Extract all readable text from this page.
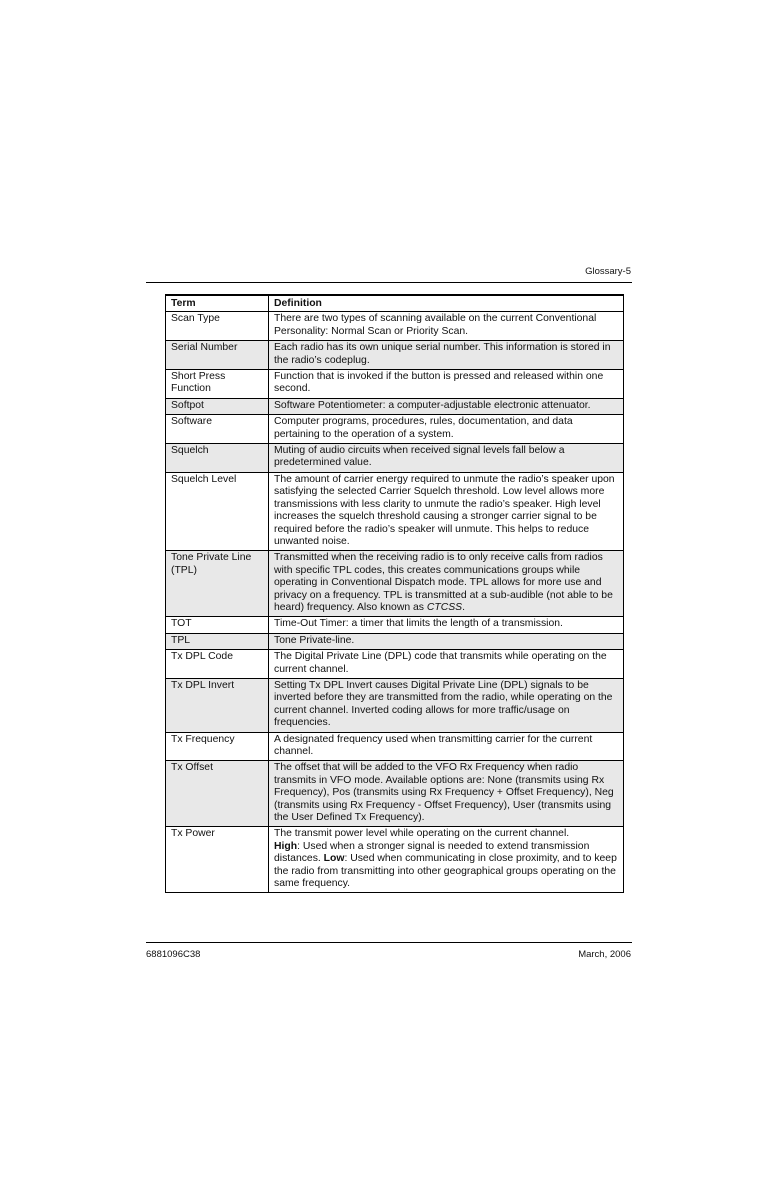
Glossary-5
Term	Definition
Scan Type	There are two types of scanning available on the current Conventional Personality: Normal Scan or Priority Scan.
Serial Number	Each radio has its own unique serial number. This information is stored in the radio’s codeplug.
Short Press Function	Function that is invoked if the button is pressed and released within one second.
Softpot	Software Potentiometer: a computer-adjustable electronic attenuator.
Software	Computer programs, procedures, rules, documentation, and data pertaining to the operation of a system.
Squelch	Muting of audio circuits when received signal levels fall below a predetermined value.
Squelch Level	The amount of carrier energy required to unmute the radio’s speaker upon satisfying the selected Carrier Squelch threshold. Low level allows more transmissions with less clarity to unmute the radio’s speaker. High level increases the squelch threshold causing a stronger carrier signal to be required before the radio’s speaker will unmute. This helps to reduce unwanted noise.
Tone Private Line (TPL)	Transmitted when the receiving radio is to only receive calls from radios with specific TPL codes, this creates communications groups while operating in Conventional Dispatch mode. TPL allows for more use and privacy on a frequency. TPL is transmitted at a sub-audible (not able to be heard) frequency. Also known as CTCSS.
TOT	Time-Out Timer: a timer that limits the length of a transmission.
TPL	Tone Private-line.
Tx DPL Code	The Digital Private Line (DPL) code that transmits while operating on the current channel.
Tx DPL Invert	Setting Tx DPL Invert causes Digital Private Line (DPL) signals to be inverted before they are transmitted from the radio, while operating on the current channel. Inverted coding allows for more traffic/usage on frequencies.
Tx Frequency	A designated frequency used when transmitting carrier for the current channel.
Tx Offset	The offset that will be added to the VFO Rx Frequency when radio transmits in VFO mode. Available options are: None (transmits using Rx Frequency), Pos (transmits using Rx Frequency + Offset Frequency), Neg (transmits using Rx Frequency - Offset Frequency), User (transmits using the User Defined Tx Frequency).
Tx Power	The transmit power level while operating on the current channel.
High: Used when a stronger signal is needed to extend transmission distances. Low: Used when communicating in close proximity, and to keep the radio from transmitting into other geographical groups operating on the same frequency.
6881096C38	March, 2006
